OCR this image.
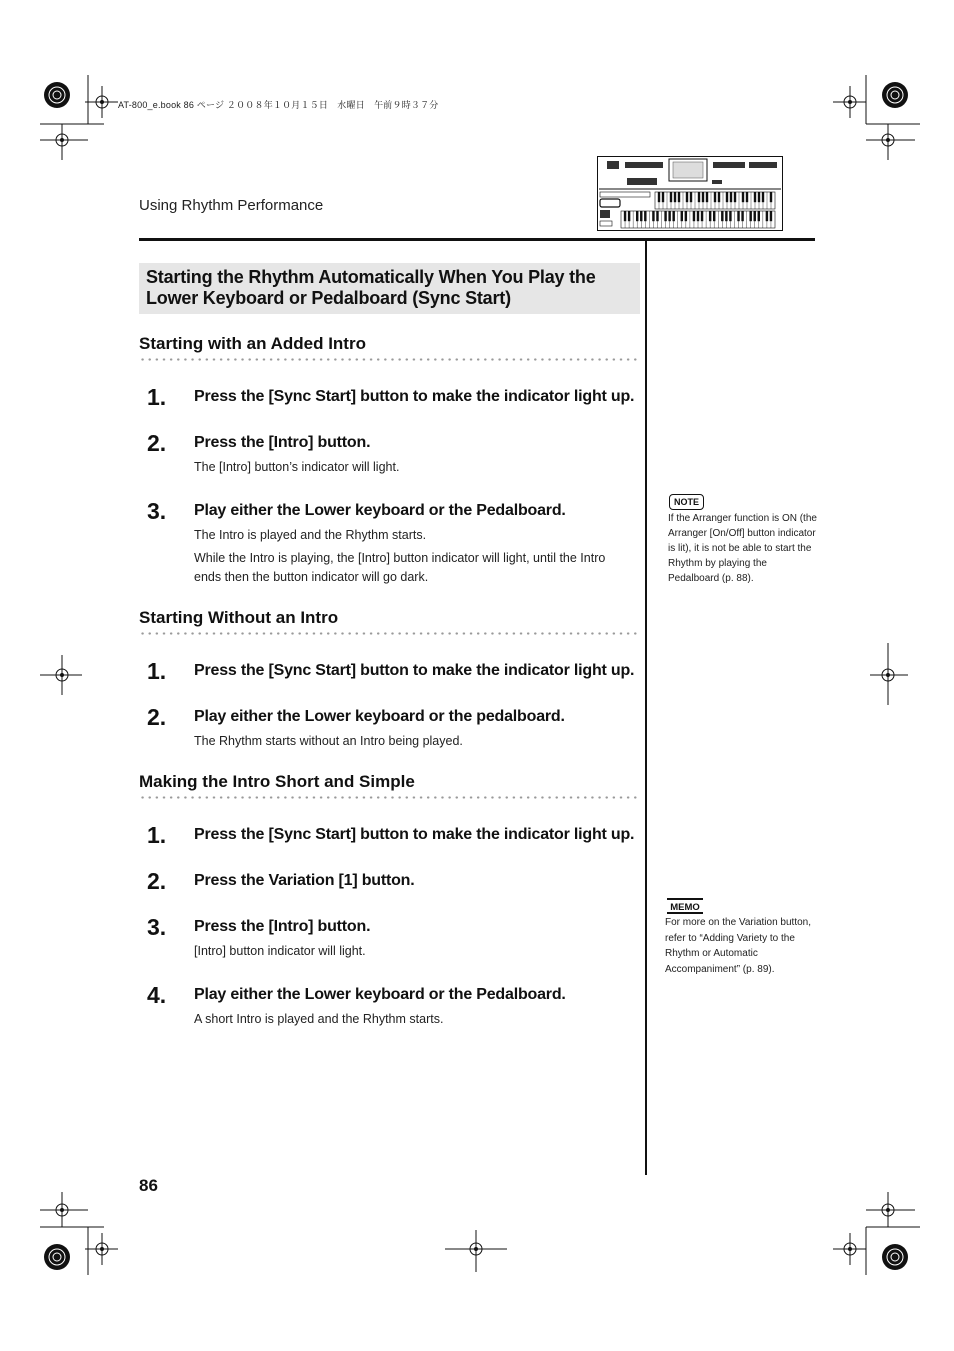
AT-800_e.book 86 ページ ２００８年１０月１５日　水曜日　午前９時３７分
Using Rhythm Performance
Starting the Rhythm Automatically When You Play the Lower Keyboard or Pedalboard (Sync Start)
Starting with an Added Intro
1. Press the [Sync Start] button to make the indicator light up.
2. Press the [Intro] button.
The [Intro] button’s indicator will light.
3. Play either the Lower keyboard or the Pedalboard.
The Intro is played and the Rhythm starts.
While the Intro is playing, the [Intro] button indicator will light, until the Intro ends then the button indicator will go dark.
Starting Without an Intro
1. Press the [Sync Start] button to make the indicator light up.
2. Play either the Lower keyboard or the pedalboard.
The Rhythm starts without an Intro being played.
Making the Intro Short and Simple
1. Press the [Sync Start] button to make the indicator light up.
2. Press the Variation [1] button.
3. Press the [Intro] button.
[Intro] button indicator will light.
4. Play either the Lower keyboard or the Pedalboard.
A short Intro is played and the Rhythm starts.
NOTE
If the Arranger function is ON (the Arranger [On/Off] button indicator is lit), it is not be able to start the Rhythm by playing the Pedalboard (p. 88).
MEMO
For more on the Variation button, refer to “Adding Variety to the Rhythm or Automatic Accompaniment” (p. 89).
86
